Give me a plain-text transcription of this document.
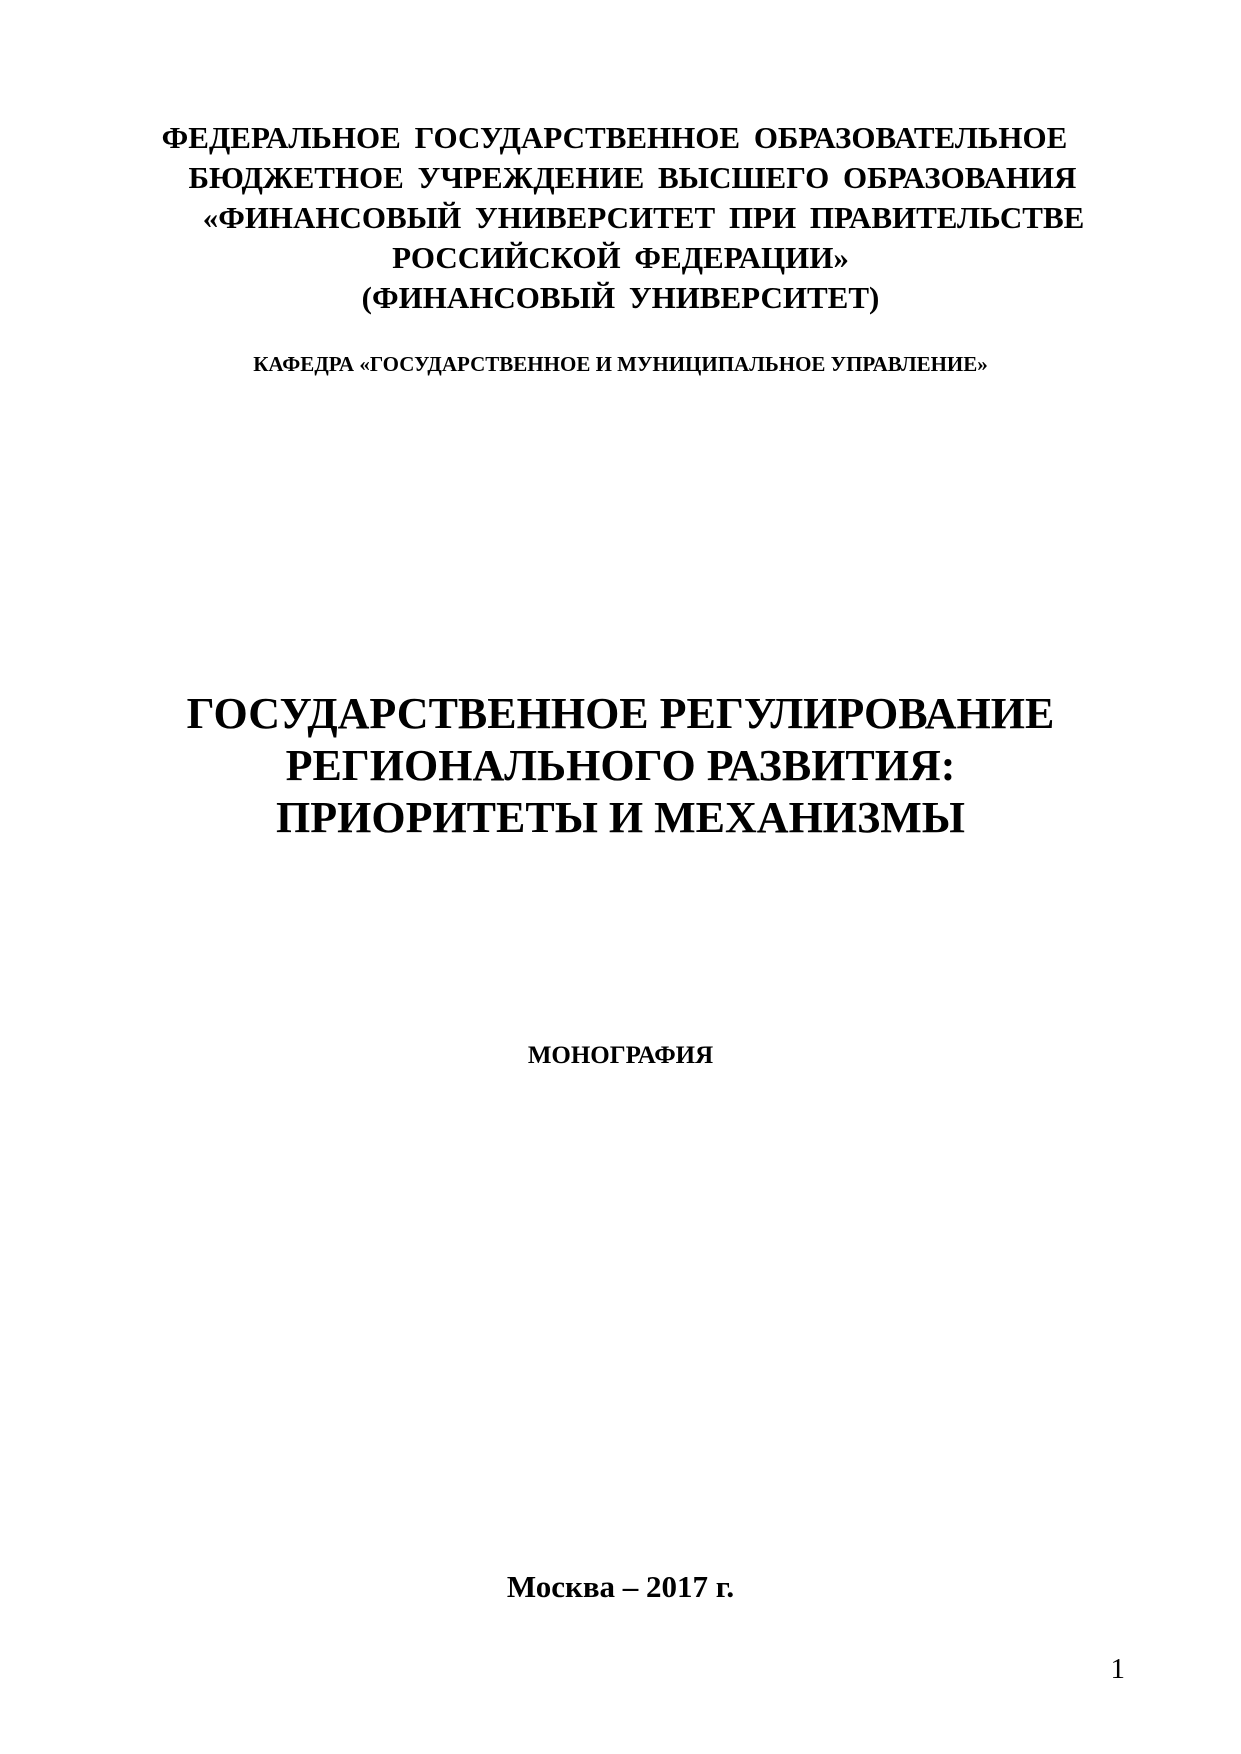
ФЕДЕРАЛЬНОЕ ГОСУДАРСТВЕННОЕ ОБРАЗОВАТЕЛЬНОЕ
БЮДЖЕТНОЕ УЧРЕЖДЕНИЕ ВЫСШЕГО ОБРАЗОВАНИЯ
«ФИНАНСОВЫЙ УНИВЕРСИТЕТ ПРИ ПРАВИТЕЛЬСТВЕ
РОССИЙСКОЙ ФЕДЕРАЦИИ»
(ФИНАНСОВЫЙ УНИВЕРСИТЕТ)
КАФЕДРА «ГОСУДАРСТВЕННОЕ И МУНИЦИПАЛЬНОЕ УПРАВЛЕНИЕ»
ГОСУДАРСТВЕННОЕ РЕГУЛИРОВАНИЕ
РЕГИОНАЛЬНОГО РАЗВИТИЯ:
ПРИОРИТЕТЫ И МЕХАНИЗМЫ
МОНОГРАФИЯ
Москва – 2017 г.
1
